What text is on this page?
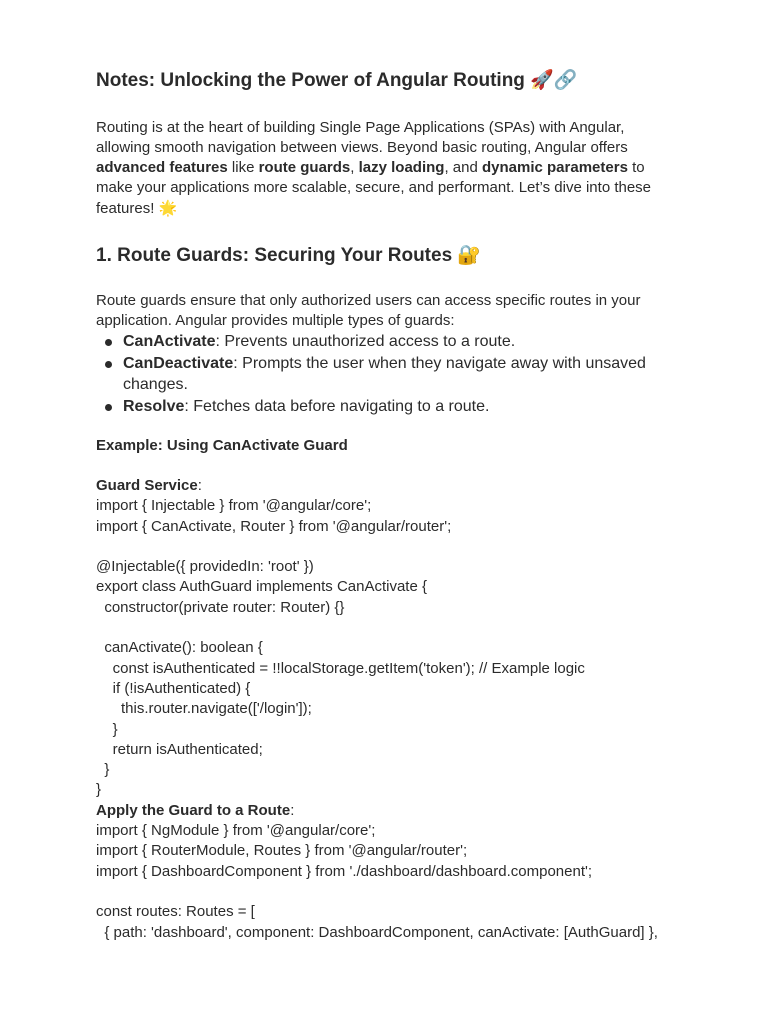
Notes: Unlocking the Power of Angular Routing 🚀🔗

Routing is at the heart of building Single Page Applications (SPAs) with Angular, allowing smooth navigation between views. Beyond basic routing, Angular offers advanced features like route guards, lazy loading, and dynamic parameters to make your applications more scalable, secure, and performant. Let’s dive into these features! 🌟

1. Route Guards: Securing Your Routes 🔐

Route guards ensure that only authorized users can access specific routes in your application. Angular provides multiple types of guards:

CanActivate: Prevents unauthorized access to a route.
CanDeactivate: Prompts the user when they navigate away with unsaved changes.
Resolve: Fetches data before navigating to a route.
Example: Using CanActivate Guard
Guard Service:
import { Injectable } from '@angular/core';
import { CanActivate, Router } from '@angular/router';
@Injectable({ providedIn: 'root' })
export class AuthGuard implements CanActivate {
constructor(private router: Router) {}
canActivate(): boolean {
const isAuthenticated = !!localStorage.getItem('token'); // Example logic
if (!isAuthenticated) {
this.router.navigate(['/login']);
}
return isAuthenticated;
}
}
Apply the Guard to a Route:
import { NgModule } from '@angular/core';
import { RouterModule, Routes } from '@angular/router';
import { DashboardComponent } from './dashboard/dashboard.component';
const routes: Routes = [
{ path: 'dashboard', component: DashboardComponent, canActivate: [AuthGuard] },
